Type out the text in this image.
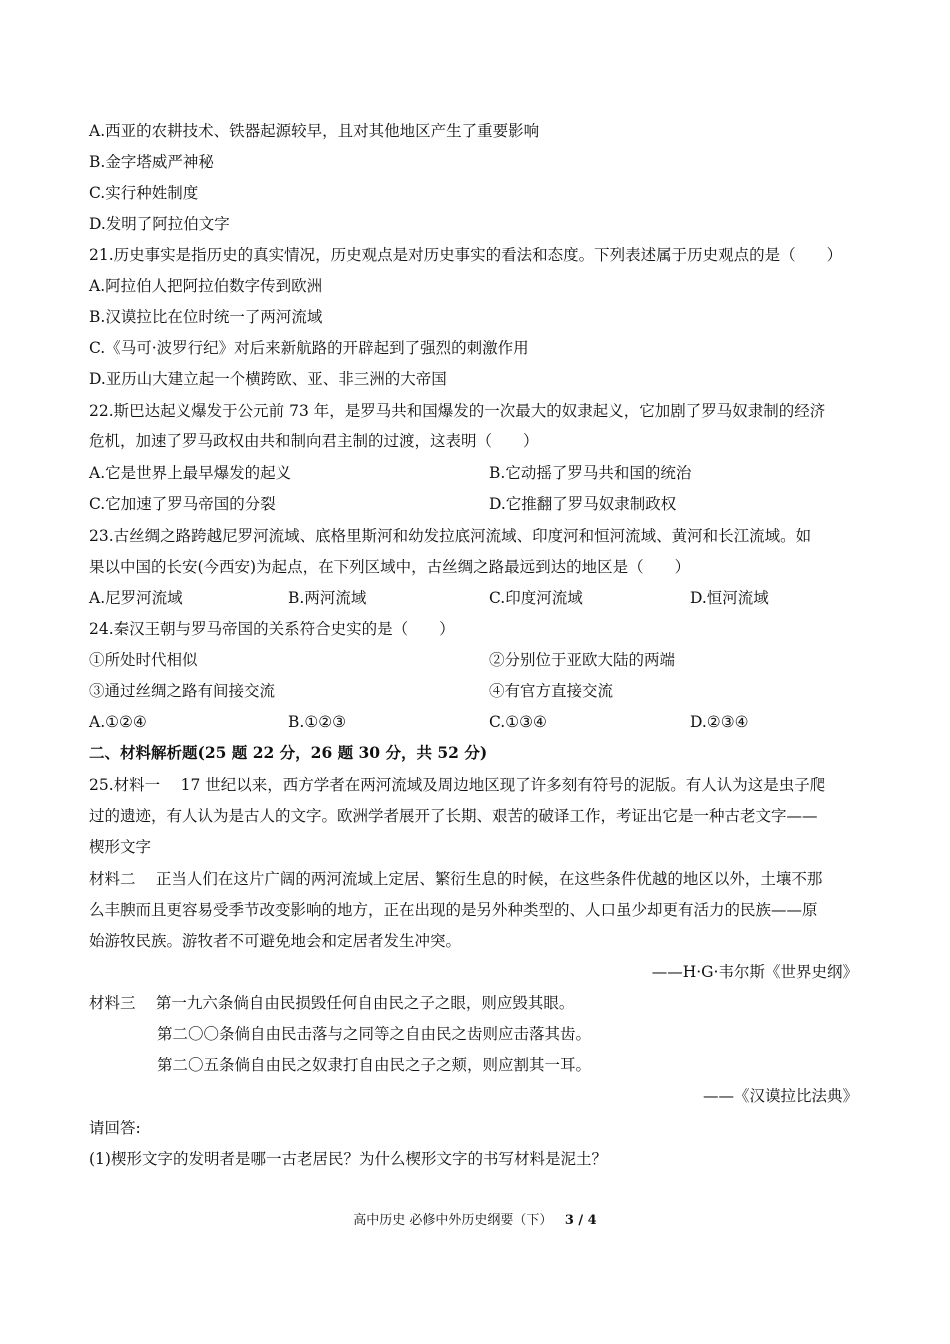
A.西亚的农耕技术、铁器起源较早，且对其他地区产生了重要影响
B.金字塔威严神秘
C.实行种姓制度
D.发明了阿拉伯文字
21.历史事实是指历史的真实情况，历史观点是对历史事实的看法和态度。下列表述属于历史观点的是（　　）
A.阿拉伯人把阿拉伯数字传到欧洲
B.汉谟拉比在位时统一了两河流域
C.《马可·波罗行纪》对后来新航路的开辟起到了强烈的刺激作用
D.亚历山大建立起一个横跨欧、亚、非三洲的大帝国
22.斯巴达起义爆发于公元前 73 年，是罗马共和国爆发的一次最大的奴隶起义，它加剧了罗马奴隶制的经济
危机，加速了罗马政权由共和制向君主制的过渡，这表明（　　）
A.它是世界上最早爆发的起义	B.它动摇了罗马共和国的统治
C.它加速了罗马帝国的分裂	D.它推翻了罗马奴隶制政权
23.古丝绸之路跨越尼罗河流域、底格里斯河和幼发拉底河流域、印度河和恒河流域、黄河和长江流域。如
果以中国的长安(今西安)为起点，在下列区域中，古丝绸之路最远到达的地区是（　　）
A.尼罗河流域	B.两河流域	C.印度河流域	D.恒河流域
24.秦汉王朝与罗马帝国的关系符合史实的是（　　）
①所处时代相似	②分别位于亚欧大陆的两端
③通过丝绸之路有间接交流	④有官方直接交流
A.①②④	B.①②③	C.①③④	D.②③④
二、材料解析题(25 题 22 分，26 题 30 分，共 52 分)
25.材料一　 17 世纪以来，西方学者在两河流域及周边地区现了许多刻有符号的泥版。有人认为这是虫子爬
过的遗迹，有人认为是古人的文字。欧洲学者展开了长期、艰苦的破译工作，考证出它是一种古老文字——
楔形文字
材料二　 正当人们在这片广阔的两河流域上定居、繁衍生息的时候，在这些条件优越的地区以外，土壤不那
么丰腴而且更容易受季节改变影响的地方，正在出现的是另外种类型的、人口虽少却更有活力的民族——原
始游牧民族。游牧者不可避免地会和定居者发生冲突。
——H·G·韦尔斯《世界史纲》
材料三　 第一九六条倘自由民损毁任何自由民之子之眼，则应毁其眼。
第二〇〇条倘自由民击落与之同等之自由民之齿则应击落其齿。
第二〇五条倘自由民之奴隶打自由民之子之颊，则应割其一耳。
——《汉谟拉比法典》
请回答:
(1)楔形文字的发明者是哪一古老居民？为什么楔形文字的书写材料是泥土？
高中历史 必修中外历史纲要（下） 3 / 4
